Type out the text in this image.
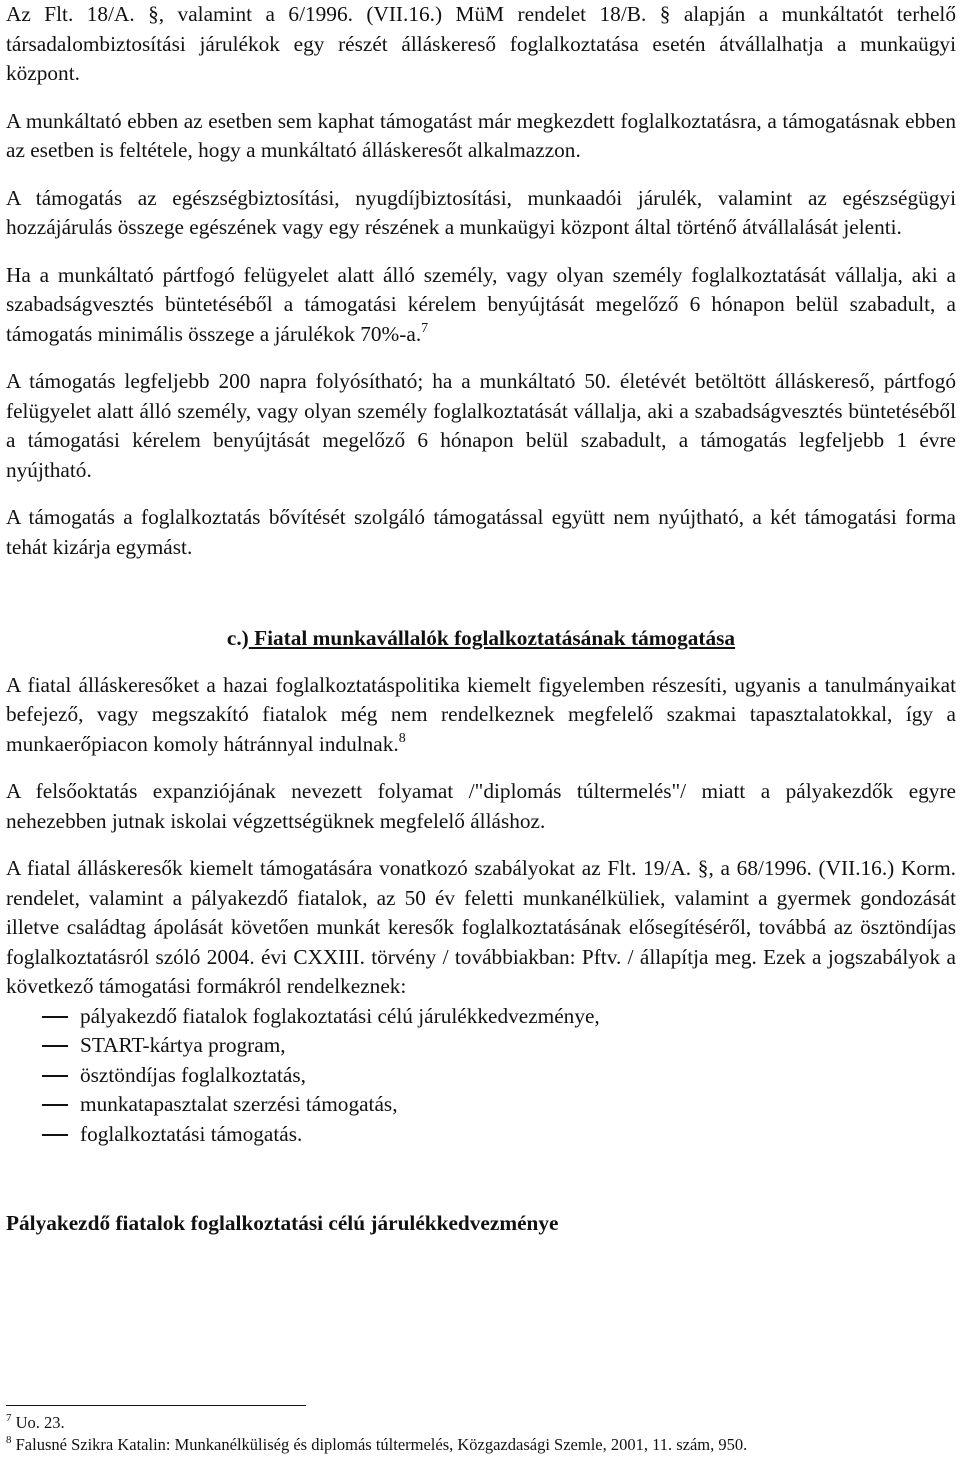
Az Flt. 18/A. §, valamint a 6/1996. (VII.16.) MüM rendelet 18/B. § alapján a munkáltatót terhelő társadalombiztosítási járulékok egy részét álláskereső foglalkoztatása esetén átvállalhatja a munkaügyi központ.

A munkáltató ebben az esetben sem kaphat támogatást már megkezdett foglalkoztatásra, a támogatásnak ebben az esetben is feltétele, hogy a munkáltató álláskeresőt alkalmazzon.

A támogatás az egészségbiztosítási, nyugdíjbiztosítási, munkaadói járulék, valamint az egészségügyi hozzájárulás összege egészének vagy egy részének a munkaügyi központ által történő átvállalását jelenti.

Ha a munkáltató pártfogó felügyelet alatt álló személy, vagy olyan személy foglalkoztatását vállalja, aki a szabadságvesztés büntetéséből a támogatási kérelem benyújtását megelőző 6 hónapon belül szabadult, a támogatás minimális összege a járulékok 70%-a.$^7$

A támogatás legfeljebb 200 napra folyósítható; ha a munkáltató 50. életévét betöltött álláskereső, pártfogó felügyelet alatt álló személy, vagy olyan személy foglalkoztatását vállalja, aki a szabadságvesztés büntetéséből a támogatási kérelem benyújtását megelőző 6 hónapon belül szabadult, a támogatás legfeljebb 1 évre nyújtható.

A támogatás a foglalkoztatás bővítését szolgáló támogatással együtt nem nyújtható, a két támogatási forma tehát kizárja egymást.

c.) Fiatal munkavállalók foglalkoztatásának támogatása

A fiatal álláskeresőket a hazai foglalkoztatáspolitika kiemelt figyelemben részesíti, ugyanis a tanulmányaikat befejező, vagy megszakító fiatalok még nem rendelkeznek megfelelő szakmai tapasztalatokkal, így a munkaerőpiacon komoly hátránnyal indulnak.$^8$

A felsőoktatás expanziójának nevezett folyamat /"diplomás túltermelés"/ miatt a pályakezdők egyre nehezebben jutnak iskolai végzettségüknek megfelelő álláshoz.

A fiatal álláskeresők kiemelt támogatására vonatkozó szabályokat az Flt. 19/A. §, a 68/1996. (VII.16.) Korm. rendelet, valamint a pályakezdő fiatalok, az 50 év feletti munkanélküliek, valamint a gyermek gondozását illetve családtag ápolását követően munkát keresők foglalkoztatásának elősegítéséről, továbbá az ösztöndíjas foglalkoztatásról szóló 2004. évi CXXIII. törvény / továbbiakban: Pftv. / állapítja meg. Ezek a jogszabályok a következő támogatási formákról rendelkeznek:

pályakezdő fiatalok foglakoztatási célú járulékkedvezménye,
START-kártya program,
ösztöndíjas foglalkoztatás,
munkatapasztalat szerzési támogatás,
foglalkoztatási támogatás.
Pályakezdő fiatalok foglalkoztatási célú járulékkedvezménye

$^7$ Uo. 23.

$^8$ Falusné Szikra Katalin: Munkanélküliség és diplomás túltermelés, Közgazdasági Szemle, 2001, 11. szám, 950.
